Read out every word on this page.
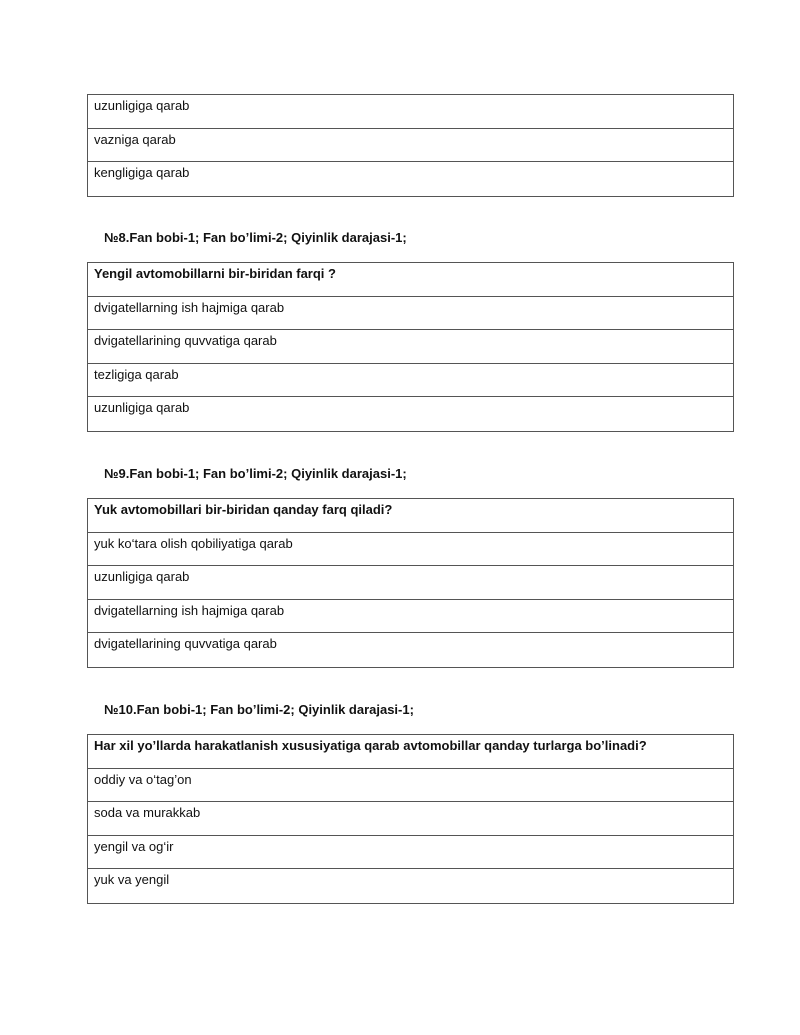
uzunligiga qarab
vazniga qarab
kengligiga qarab
№8.Fan bobi-1; Fan bo’limi-2; Qiyinlik darajasi-1;
Yengil avtomobillarni bir-biridan farqi ?
dvigatellarning ish hajmiga qarab
dvigatellarining quvvatiga qarab
tezligiga qarab
uzunligiga qarab
№9.Fan bobi-1; Fan bo’limi-2; Qiyinlik darajasi-1;
Yuk avtomobillari bir-biridan qanday farq qiladi?
yuk ko‘tara olish qobiliyatiga qarab
uzunligiga qarab
dvigatellarning ish hajmiga qarab
dvigatellarining quvvatiga qarab
№10.Fan bobi-1; Fan bo’limi-2; Qiyinlik darajasi-1;
Har xil yo’llarda harakatlanish xususiyatiga qarab avtomobillar qanday turlarga bo’linadi?
oddiy va o‘tag’on
soda va murakkab
yengil va og‘ir
yuk va yengil
